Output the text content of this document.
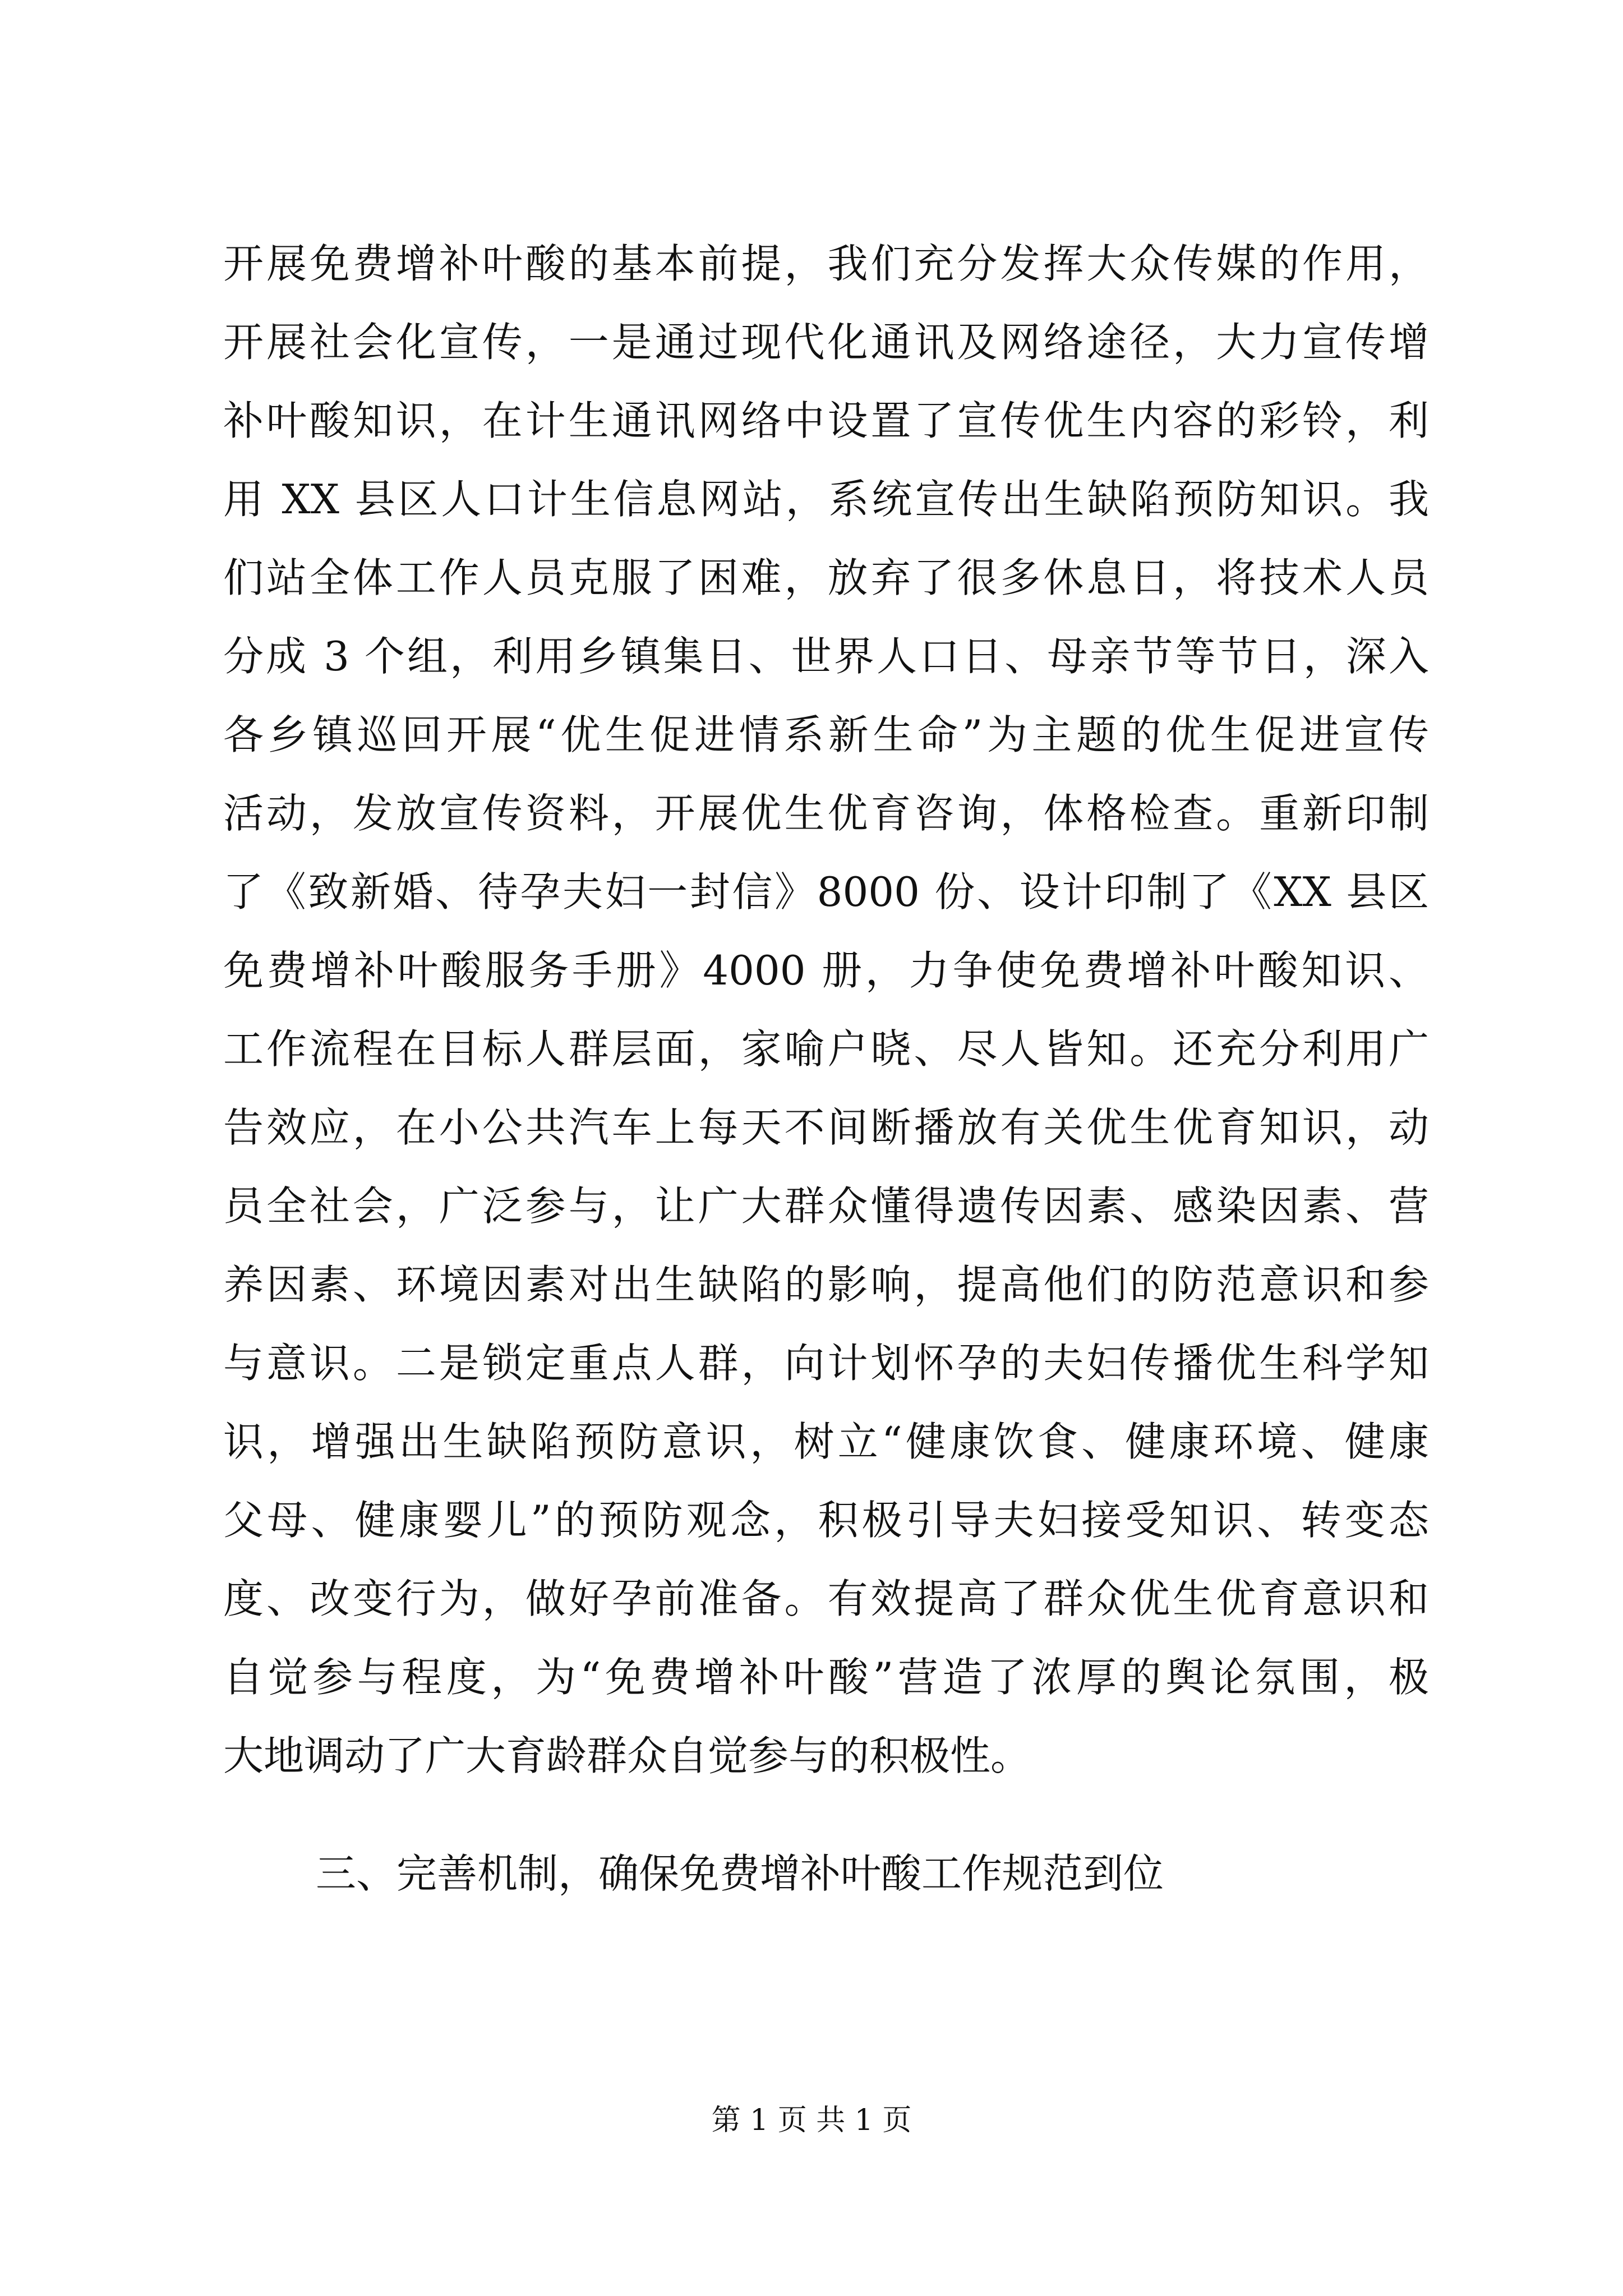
开展免费增补叶酸的基本前提，我们充分发挥大众传媒的作用，
开展社会化宣传，一是通过现代化通讯及网络途径，大力宣传增
补叶酸知识，在计生通讯网络中设置了宣传优生内容的彩铃，利
用 XX 县区人口计生信息网站，系统宣传出生缺陷预防知识。我
们站全体工作人员克服了困难，放弃了很多休息日，将技术人员
分成 3 个组，利用乡镇集日、世界人口日、母亲节等节日，深入
各乡镇巡回开展“优生促进情系新生命”为主题的优生促进宣传
活动，发放宣传资料，开展优生优育咨询，体格检查。重新印制
了《致新婚、待孕夫妇一封信》8000 份、设计印制了《XX 县区
免费增补叶酸服务手册》4000 册，力争使免费增补叶酸知识、
工作流程在目标人群层面，家喻户晓、尽人皆知。还充分利用广
告效应，在小公共汽车上每天不间断播放有关优生优育知识，动
员全社会，广泛参与，让广大群众懂得遗传因素、感染因素、营
养因素、环境因素对出生缺陷的影响，提高他们的防范意识和参
与意识。二是锁定重点人群，向计划怀孕的夫妇传播优生科学知
识，增强出生缺陷预防意识，树立“健康饮食、健康环境、健康
父母、健康婴儿”的预防观念，积极引导夫妇接受知识、转变态
度、改变行为，做好孕前准备。有效提高了群众优生优育意识和
自觉参与程度，为“免费增补叶酸”营造了浓厚的舆论氛围，极
大地调动了广大育龄群众自觉参与的积极性。
三、完善机制，确保免费增补叶酸工作规范到位
第 1 页 共 1 页
